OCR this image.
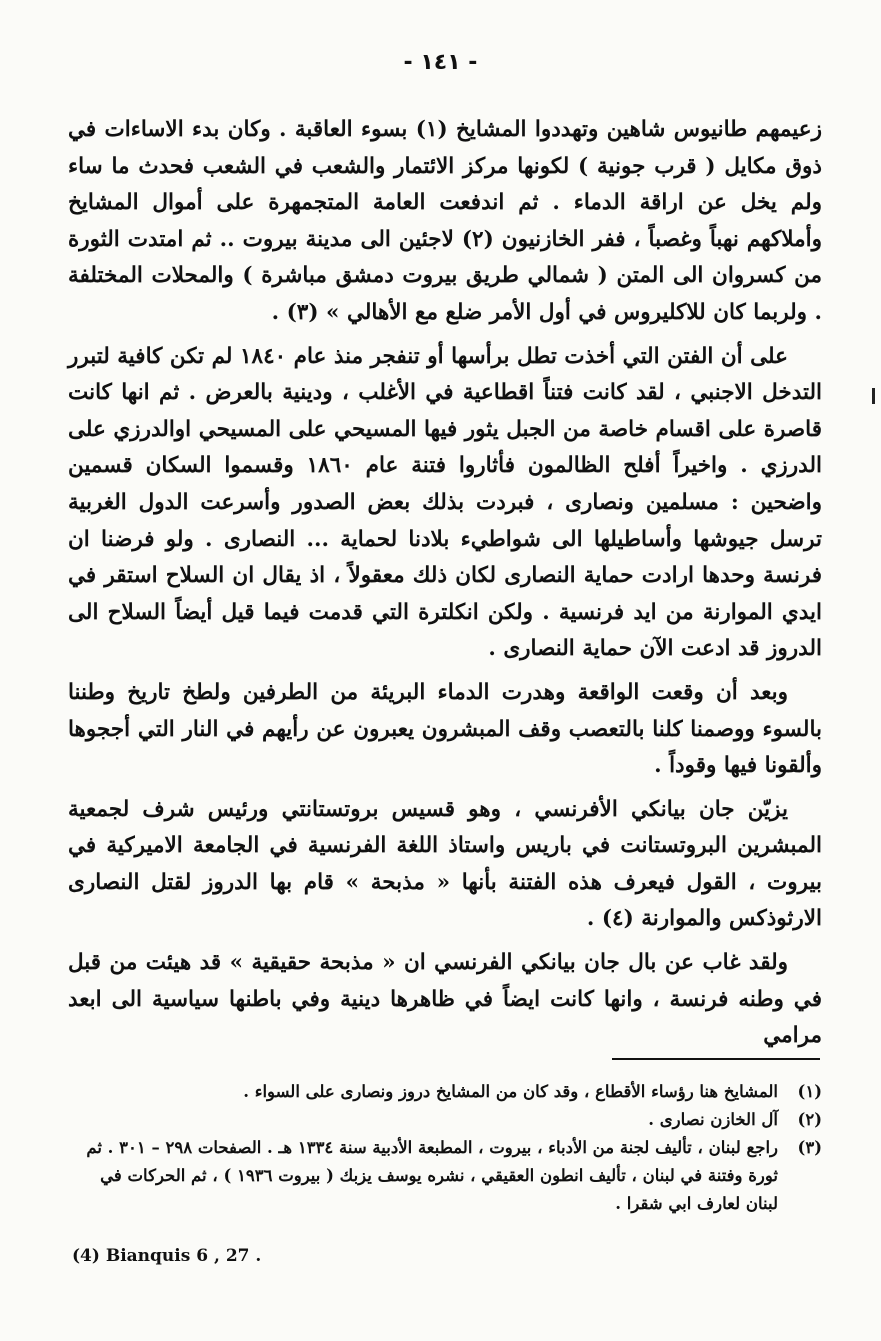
- ١٤١ -

زعيمهم طانيوس شاهين وتهددوا المشايخ (١) بسوء العاقبة . وكان بدء الاساءات في ذوق مكايل ( قرب جونية ) لكونها مركز الائتمار والشعب في الشعب فحدث ما ساء ولم يخل عن اراقة الدماء . ثم اندفعت العامة المتجمهرة على أموال المشايخ وأملاكهم نهباً وغصباً ، ففر الخازنيون (٢) لاجئين الى مدينة بيروت .. ثم امتدت الثورة من كسروان الى المتن ( شمالي طريق بيروت دمشق مباشرة ) والمحلات المختلفة . ولربما كان للاكليروس في أول الأمر ضلع مع الأهالي » (٣) .

على أن الفتن التي أخذت تطل برأسها أو تنفجر منذ عام ١٨٤٠ لم تكن كافية لتبرر التدخل الاجنبي ، لقد كانت فتناً اقطاعية في الأغلب ، ودينية بالعرض . ثم انها كانت قاصرة على اقسام خاصة من الجبل يثور فيها المسيحي على المسيحي اوالدرزي على الدرزي . واخيراً أفلح الظالمون فأثاروا فتنة عام ١٨٦٠ وقسموا السكان قسمين واضحين : مسلمين ونصارى ، فبردت بذلك بعض الصدور وأسرعت الدول الغربية ترسل جيوشها وأساطيلها الى شواطيء بلادنا لحماية ... النصارى . ولو فرضنا ان فرنسة وحدها ارادت حماية النصارى لكان ذلك معقولاً ، اذ يقال ان السلاح استقر في ايدي الموارنة من ايد فرنسية . ولكن انكلترة التي قدمت فيما قيل أيضاً السلاح الى الدروز قد ادعت الآن حماية النصارى .

وبعد أن وقعت الواقعة وهدرت الدماء البريئة من الطرفين ولطخ تاريخ وطننا بالسوء ووصمنا كلنا بالتعصب وقف المبشرون يعبرون عن رأيهم في النار التي أججوها وألقونا فيها وقوداً .

يزيّن جان بيانكي الأفرنسي ، وهو قسيس بروتستانتي ورئيس شرف لجمعية المبشرين البروتستانت في باريس واستاذ اللغة الفرنسية في الجامعة الاميركية في بيروت ، القول فيعرف هذه الفتنة بأنها « مذبحة » قام بها الدروز لقتل النصارى الارثوذكس والموارنة (٤) .

ولقد غاب عن بال جان بيانكي الفرنسي ان « مذبحة حقيقية » قد هيئت من قبل في وطنه فرنسة ، وانها كانت ايضاً في ظاهرها دينية وفي باطنها سياسية الى ابعد مرامي

(١)
المشايخ هنا رؤساء الأقطاع ، وقد كان من المشايخ دروز ونصارى على السواء .
(٢)
آل الخازن نصارى .
(٣)
راجع لبنان ، تأليف لجنة من الأدباء ، بيروت ، المطبعة الأدبية سنة ١٣٣٤ هـ . الصفحات ٢٩٨ – ٣٠١ . ثم ثورة وفتنة في لبنان ، تأليف انطون العقيقي ، نشره يوسف يزبك ( بيروت ١٩٣٦ ) ، ثم الحركات في لبنان لعارف ابي شقرا .
(4) Bianquis 6 , 27 .
